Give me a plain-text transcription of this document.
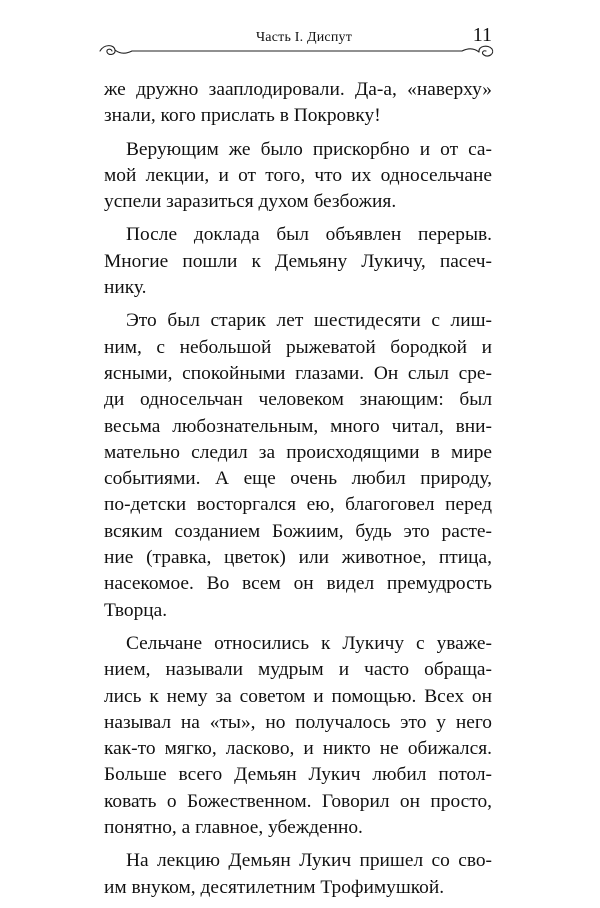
Часть I. Диспут	11
же дружно зааплодировали. Да-а, «наверху»
знали, кого прислать в Покровку!
Верующим же было прискорбно и от са-
мой лекции, и от того, что их односельчане
успели заразиться духом безбожия.
После доклада был объявлен перерыв.
Многие пошли к Демьяну Лукичу, пасеч-
нику.
Это был старик лет шестидесяти с лиш-
ним, с небольшой рыжеватой бородкой и
ясными, спокойными глазами. Он слыл сре-
ди односельчан человеком знающим: был
весьма любознательным, много читал, вни-
мательно следил за происходящими в мире
событиями. А еще очень любил природу,
по-детски восторгался ею, благоговел перед
всяким созданием Божиим, будь это расте-
ние (травка, цветок) или животное, птица,
насекомое. Во всем он видел премудрость
Творца.
Сельчане относились к Лукичу с уваже-
нием, называли мудрым и часто обраща-
лись к нему за советом и помощью. Всех он
называл на «ты», но получалось это у него
как-то мягко, ласково, и никто не обижался.
Больше всего Демьян Лукич любил потол-
ковать о Божественном. Говорил он просто,
понятно, а главное, убежденно.
На лекцию Демьян Лукич пришел со сво-
им внуком, десятилетним Трофимушкой.
